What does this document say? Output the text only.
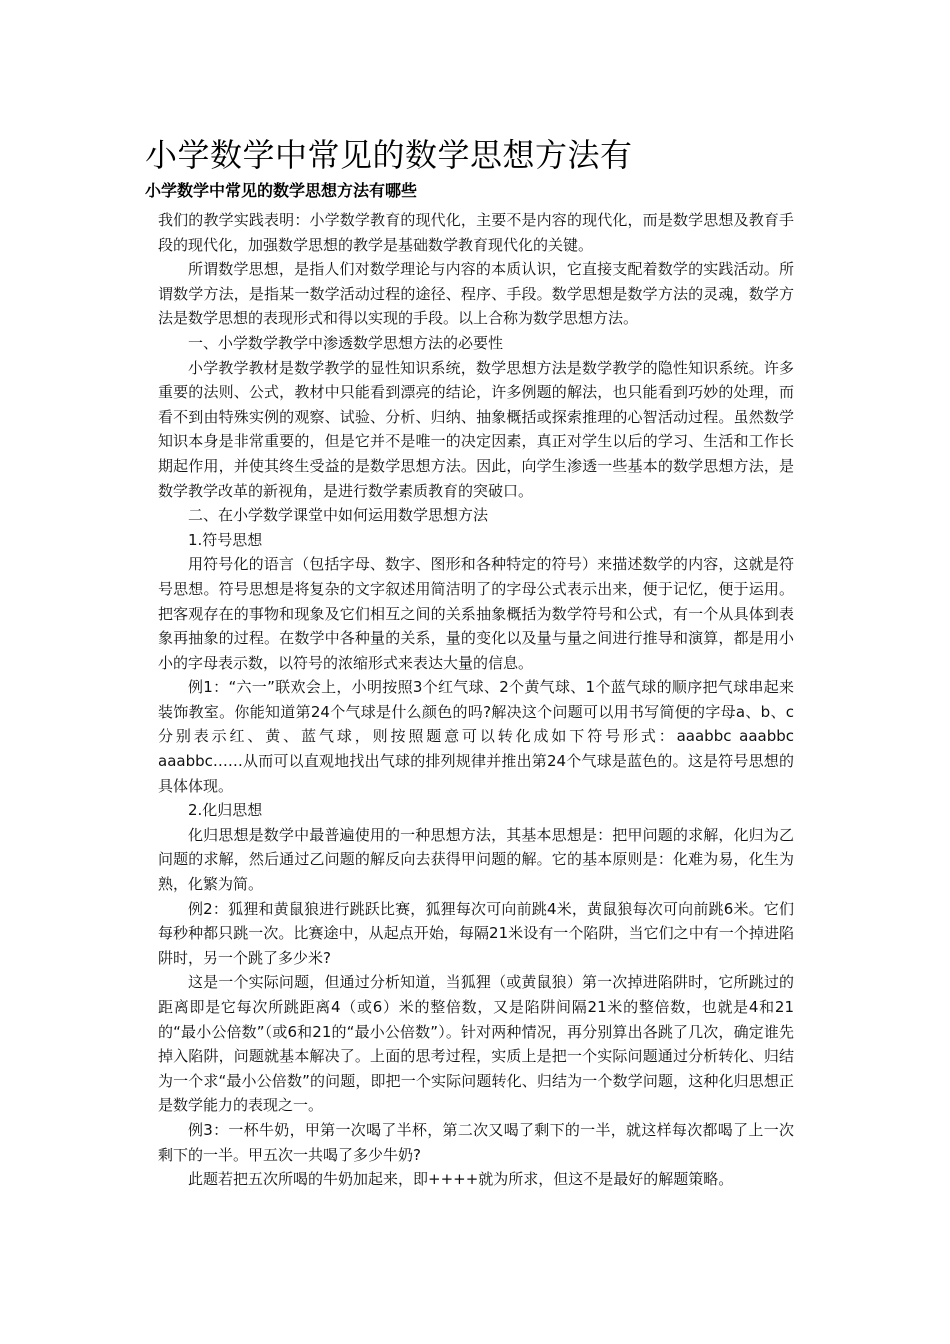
小学数学中常见的数学思想方法有
小学数学中常见的数学思想方法有哪些

我们的教学实践表明：小学数学教育的现代化，主要不是内容的现代化，而是数学思想及教育手段的现代化，加强数学思想的教学是基础数学教育现代化的关键。

所谓数学思想，是指人们对数学理论与内容的本质认识，它直接支配着数学的实践活动。所谓数学方法，是指某一数学活动过程的途径、程序、手段。数学思想是数学方法的灵魂，数学方法是数学思想的表现形式和得以实现的手段。以上合称为数学思想方法。

一、小学数学教学中渗透数学思想方法的必要性

小学教学教材是数学教学的显性知识系统，数学思想方法是数学教学的隐性知识系统。许多重要的法则、公式，教材中只能看到漂亮的结论，许多例题的解法，也只能看到巧妙的处理，而看不到由特殊实例的观察、试验、分析、归纳、抽象概括或探索推理的心智活动过程。虽然数学知识本身是非常重要的，但是它并不是唯一的决定因素，真正对学生以后的学习、生活和工作长期起作用，并使其终生受益的是数学思想方法。因此，向学生渗透一些基本的数学思想方法，是数学教学改革的新视角，是进行数学素质教育的突破口。

二、在小学数学课堂中如何运用数学思想方法

1.符号思想

用符号化的语言（包括字母、数字、图形和各种特定的符号）来描述数学的内容，这就是符号思想。符号思想是将复杂的文字叙述用简洁明了的字母公式表示出来，便于记忆，便于运用。把客观存在的事物和现象及它们相互之间的关系抽象概括为数学符号和公式，有一个从具体到表象再抽象的过程。在数学中各种量的关系，量的变化以及量与量之间进行推导和演算，都是用小小的字母表示数，以符号的浓缩形式来表达大量的信息。

例1：“六一”联欢会上，小明按照3个红气球、2个黄气球、1个蓝气球的顺序把气球串起来装饰教室。你能知道第24个气球是什么颜色的吗?解决这个问题可以用书写简便的字母a、b、c分别表示红、黄、蓝气球，则按照题意可以转化成如下符号形式：aaabbc aaabbc aaabbc……从而可以直观地找出气球的排列规律并推出第24个气球是蓝色的。这是符号思想的具体体现。

2.化归思想

化归思想是数学中最普遍使用的一种思想方法，其基本思想是：把甲问题的求解，化归为乙问题的求解，然后通过乙问题的解反向去获得甲问题的解。它的基本原则是：化难为易，化生为熟，化繁为简。

例2：狐狸和黄鼠狼进行跳跃比赛，狐狸每次可向前跳4米，黄鼠狼每次可向前跳6米。它们每秒种都只跳一次。比赛途中，从起点开始，每隔21米设有一个陷阱，当它们之中有一个掉进陷阱时，另一个跳了多少米?

这是一个实际问题，但通过分析知道，当狐狸（或黄鼠狼）第一次掉进陷阱时，它所跳过的距离即是它每次所跳距离4（或6）米的整倍数，又是陷阱间隔21米的整倍数，也就是4和21的“最小公倍数”（或6和21的“最小公倍数”）。针对两种情况，再分别算出各跳了几次，确定谁先掉入陷阱，问题就基本解决了。上面的思考过程，实质上是把一个实际问题通过分析转化、归结为一个求“最小公倍数”的问题，即把一个实际问题转化、归结为一个数学问题，这种化归思想正是数学能力的表现之一。

例3：一杯牛奶，甲第一次喝了半杯，第二次又喝了剩下的一半，就这样每次都喝了上一次剩下的一半。甲五次一共喝了多少牛奶?

此题若把五次所喝的牛奶加起来，即++++就为所求，但这不是最好的解题策略。
